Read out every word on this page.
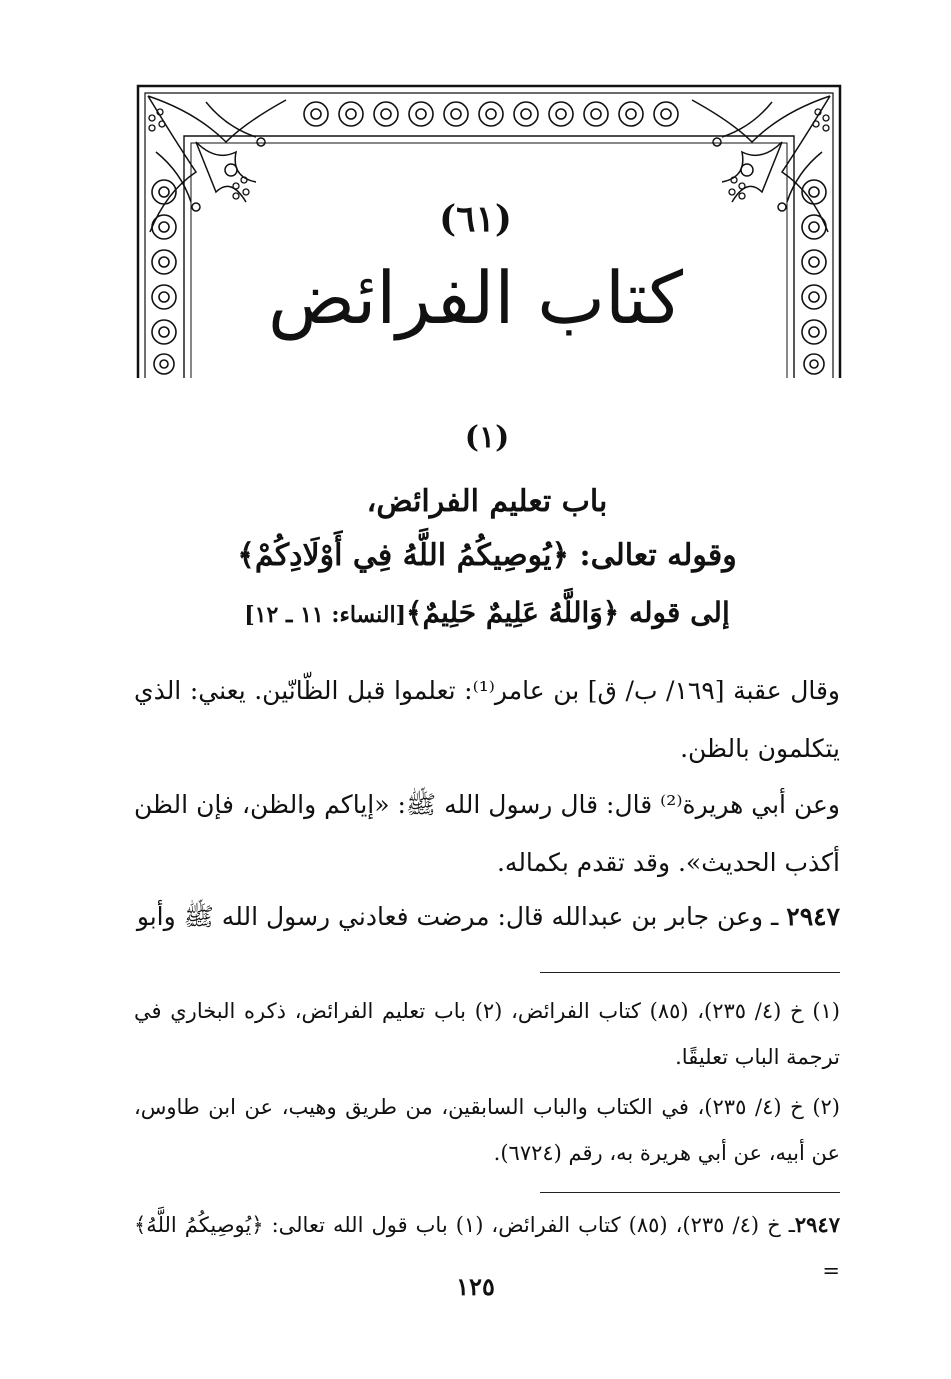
(٦١)
كتاب الفرائض
(١)
باب تعليم الفرائض،
وقوله تعالى: ﴿يُوصِيكُمُ اللَّهُ فِي أَوْلَادِكُمْ﴾
إلى قوله ﴿وَاللَّهُ عَلِيمٌ حَلِيمٌ﴾[النساء: ١١ ـ ١٢]
وقال عقبة [١٦٩/ ب/ ق] بن عامر⁽¹⁾: تعلموا قبل الظّانّين. يعني: الذي يتكلمون بالظن.
وعن أبي هريرة⁽²⁾ قال: قال رسول الله ﷺ: «إياكم والظن، فإن الظن أكذب الحديث». وقد تقدم بكماله.
٢٩٤٧ ـ وعن جابر بن عبدالله قال: مرضت فعادني رسول الله ﷺ وأبو
(١) خ (٤/ ٢٣٥)، (٨٥) كتاب الفرائض، (٢) باب تعليم الفرائض، ذكره البخاري في ترجمة الباب تعليقًا.
(٢) خ (٤/ ٢٣٥)، في الكتاب والباب السابقين، من طريق وهيب، عن ابن طاوس، عن أبيه، عن أبي هريرة به، رقم (٦٧٢٤).
٢٩٤٧ـ خ (٤/ ٢٣٥)، (٨٥) كتاب الفرائض، (١) باب قول الله تعالى: ﴿يُوصِيكُمُ اللَّهُ﴾ =
١٢٥
